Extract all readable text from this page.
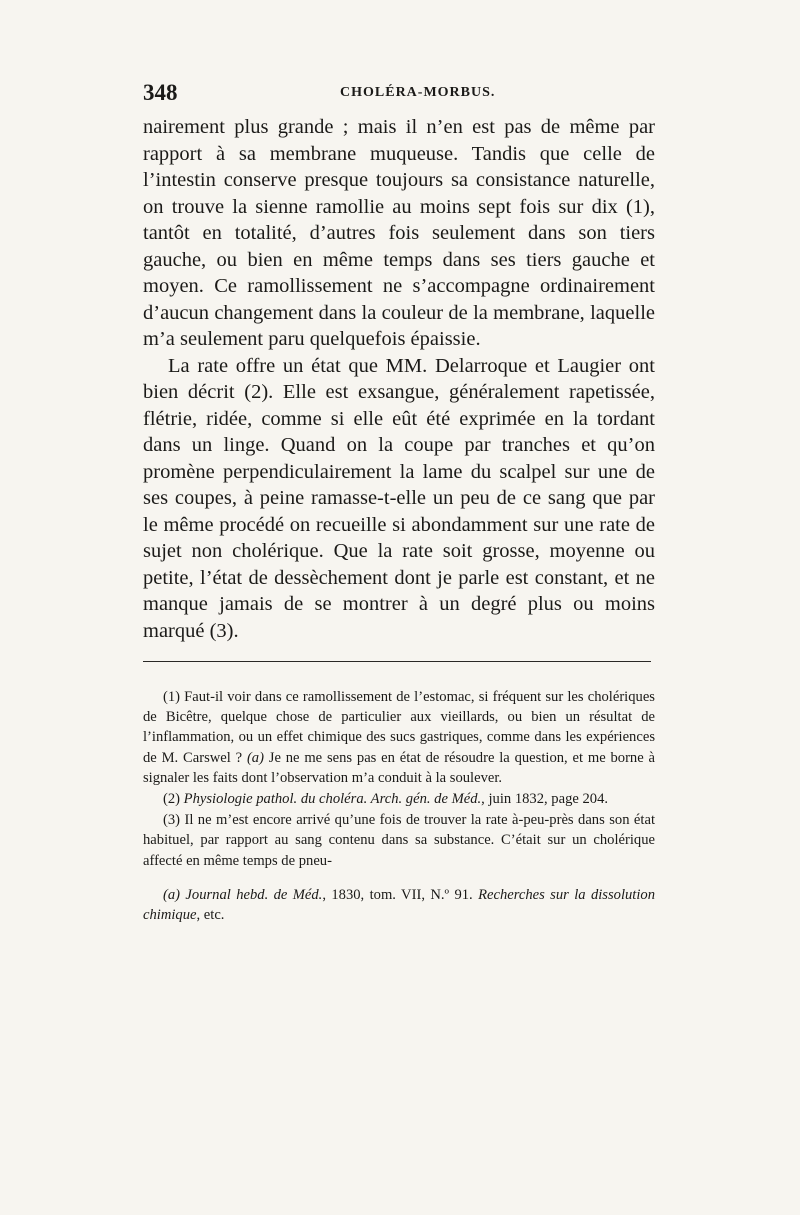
348	CHOLÉRA-MORBUS.

nairement plus grande ; mais il n’en est pas de même par rapport à sa membrane muqueuse. Tandis que celle de l’intestin conserve presque toujours sa consistance naturelle, on trouve la sienne ramollie au moins sept fois sur dix (1), tantôt en totalité, d’autres fois seulement dans son tiers gauche, ou bien en même temps dans ses tiers gauche et moyen. Ce ramollissement ne s’accompagne ordinairement d’aucun changement dans la couleur de la membrane, laquelle m’a seulement paru quelquefois épaissie.

La rate offre un état que MM. Delarroque et Laugier ont bien décrit (2). Elle est exsangue, généralement rapetissée, flétrie, ridée, comme si elle eût été exprimée en la tordant dans un linge. Quand on la coupe par tranches et qu’on promène perpendiculairement la lame du scalpel sur une de ses coupes, à peine ramasse-t-elle un peu de ce sang que par le même procédé on recueille si abondamment sur une rate de sujet non cholérique. Que la rate soit grosse, moyenne ou petite, l’état de dessèchement dont je parle est constant, et ne manque jamais de se montrer à un degré plus ou moins marqué (3).

(1) Faut-il voir dans ce ramollissement de l’estomac, si fréquent sur les cholériques de Bicêtre, quelque chose de particulier aux vieillards, ou bien un résultat de l’inflammation, ou un effet chimique des sucs gastriques, comme dans les expériences de M. Carswel ? (a) Je ne me sens pas en état de résoudre la question, et me borne à signaler les faits dont l’observation m’a conduit à la soulever.

(2) Physiologie pathol. du choléra. Arch. gén. de Méd., juin 1832, page 204.

(3) Il ne m’est encore arrivé qu’une fois de trouver la rate à-peu-près dans son état habituel, par rapport au sang contenu dans sa substance. C’était sur un cholérique affecté en même temps de pneu-

(a) Journal hebd. de Méd., 1830, tom. VII, N.º 91. Recherches sur la dissolution chimique, etc.
